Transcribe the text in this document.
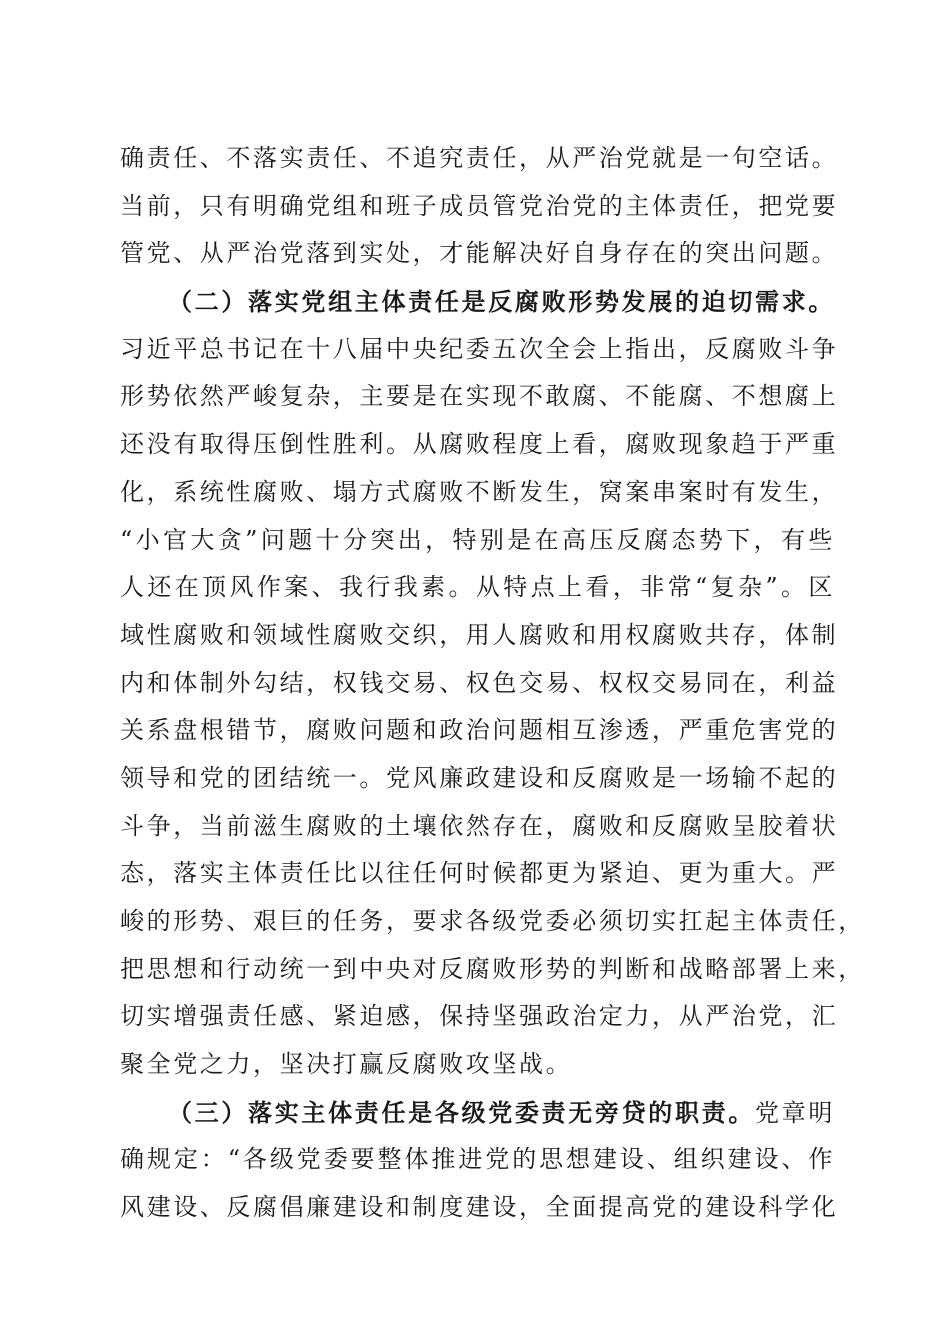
确责任、不落实责任、不追究责任，从严治党就是一句空话。
当前，只有明确党组和班子成员管党治党的主体责任，把党要
管党、从严治党落到实处，才能解决好自身存在的突出问题。
（二）落实党组主体责任是反腐败形势发展的迫切需求。
习近平总书记在十八届中央纪委五次全会上指出，反腐败斗争
形势依然严峻复杂，主要是在实现不敢腐、不能腐、不想腐上
还没有取得压倒性胜利。从腐败程度上看，腐败现象趋于严重
化，系统性腐败、塌方式腐败不断发生，窝案串案时有发生，
“小官大贪”问题十分突出，特别是在高压反腐态势下，有些
人还在顶风作案、我行我素。从特点上看，非常“复杂”。区
域性腐败和领域性腐败交织，用人腐败和用权腐败共存，体制
内和体制外勾结，权钱交易、权色交易、权权交易同在，利益
关系盘根错节，腐败问题和政治问题相互渗透，严重危害党的
领导和党的团结统一。党风廉政建设和反腐败是一场输不起的
斗争，当前滋生腐败的土壤依然存在，腐败和反腐败呈胶着状
态，落实主体责任比以往任何时候都更为紧迫、更为重大。严
峻的形势、艰巨的任务，要求各级党委必须切实扛起主体责任，
把思想和行动统一到中央对反腐败形势的判断和战略部署上来，
切实增强责任感、紧迫感，保持坚强政治定力，从严治党，汇
聚全党之力，坚决打赢反腐败攻坚战。
（三）落实主体责任是各级党委责无旁贷的职责。党章明
确规定：“各级党委要整体推进党的思想建设、组织建设、作
风建设、反腐倡廉建设和制度建设，全面提高党的建设科学化
